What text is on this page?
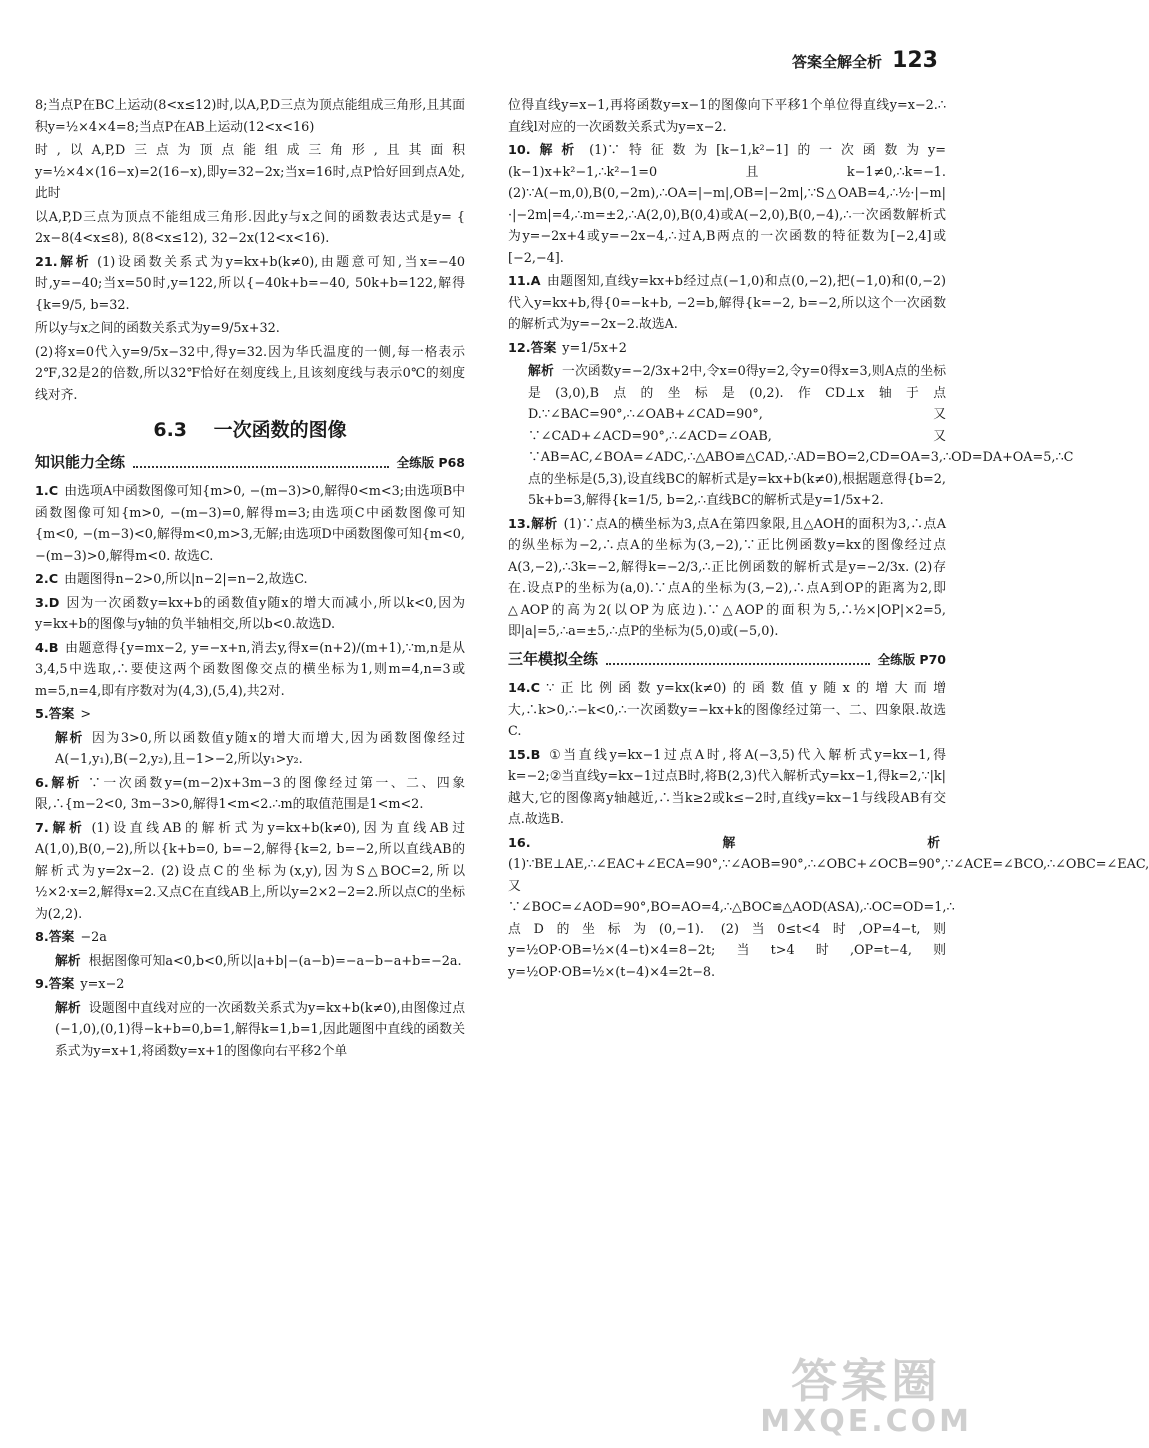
答案全解全析 123

8;当点P在BC上运动(8<x≤12)时,以A,P,D三点为顶点能组成三角形,且其面积y=½×4×4=8;当点P在AB上运动(12<x<16)

时,以A,P,D三点为顶点能组成三角形,且其面积y=½×4×(16−x)=2(16−x),即y=32−2x;当x=16时,点P恰好回到点A处,此时

以A,P,D三点为顶点不能组成三角形.因此y与x之间的函数表达式是y= { 2x−8(4<x≤8), 8(8<x≤12), 32−2x(12<x<16).

21.解析 (1)设函数关系式为y=kx+b(k≠0),由题意可知,当x=−40时,y=−40;当x=50时,y=122,所以{−40k+b=−40, 50k+b=122,解得{k=9/5, b=32.

所以y与x之间的函数关系式为y=9/5x+32.

(2)将x=0代入y=9/5x−32中,得y=32.因为华氏温度的一侧,每一格表示2℉,32是2的倍数,所以32℉恰好在刻度线上,且该刻度线与表示0℃的刻度线对齐.

6.3 一次函数的图像
知识能力全练	全练版 P68

1.C 由选项A中函数图像可知{m>0, −(m−3)>0,解得0<m<3;由选项B中函数图像可知{m>0, −(m−3)=0,解得m=3;由选项C中函数图像可知{m<0, −(m−3)<0,解得m<0,m>3,无解;由选项D中函数图像可知{m<0, −(m−3)>0,解得m<0. 故选C.

2.C 由题图得n−2>0,所以|n−2|=n−2,故选C.

3.D 因为一次函数y=kx+b的函数值y随x的增大而减小,所以k<0,因为y=kx+b的图像与y轴的负半轴相交,所以b<0.故选D.

4.B 由题意得{y=mx−2, y=−x+n,消去y,得x=(n+2)/(m+1),∵m,n是从3,4,5中选取,∴要使这两个函数图像交点的横坐标为1,则m=4,n=3或m=5,n=4,即有序数对为(4,3),(5,4),共2对.

5.答案 >

解析 因为3>0,所以函数值y随x的增大而增大,因为函数图像经过A(−1,y₁),B(−2,y₂),且−1>−2,所以y₁>y₂.

6.解析 ∵一次函数y=(m−2)x+3m−3的图像经过第一、二、四象限,∴{m−2<0, 3m−3>0,解得1<m<2.∴m的取值范围是1<m<2.

7.解析 (1)设直线AB的解析式为y=kx+b(k≠0),因为直线AB过A(1,0),B(0,−2),所以{k+b=0, b=−2,解得{k=2, b=−2,所以直线AB的解析式为y=2x−2. (2)设点C的坐标为(x,y),因为S△BOC=2,所以½×2·x=2,解得x=2.又点C在直线AB上,所以y=2×2−2=2.所以点C的坐标为(2,2).

8.答案 −2a

解析 根据图像可知a<0,b<0,所以|a+b|−(a−b)=−a−b−a+b=−2a.

9.答案 y=x−2

解析 设题图中直线对应的一次函数关系式为y=kx+b(k≠0),由图像过点(−1,0),(0,1)得−k+b=0,b=1,解得k=1,b=1,因此题图中直线的函数关系式为y=x+1,将函数y=x+1的图像向右平移2个单

位得直线y=x−1,再将函数y=x−1的图像向下平移1个单位得直线y=x−2.∴直线l对应的一次函数关系式为y=x−2.

10.解析 (1)∵特征数为[k−1,k²−1]的一次函数为y=(k−1)x+k²−1,∴k²−1=0且k−1≠0,∴k=−1. (2)∵A(−m,0),B(0,−2m),∴OA=|−m|,OB=|−2m|,∵S△OAB=4,∴½·|−m|·|−2m|=4,∴m=±2,∴A(2,0),B(0,4)或A(−2,0),B(0,−4),∴一次函数解析式为y=−2x+4或y=−2x−4,∴过A,B两点的一次函数的特征数为[−2,4]或[−2,−4].

11.A 由题图知,直线y=kx+b经过点(−1,0)和点(0,−2),把(−1,0)和(0,−2)代入y=kx+b,得{0=−k+b, −2=b,解得{k=−2, b=−2,所以这个一次函数的解析式为y=−2x−2.故选A.

12.答案 y=1/5x+2

解析 一次函数y=−2/3x+2中,令x=0得y=2,令y=0得x=3,则A点的坐标是(3,0),B点的坐标是(0,2).作CD⊥x轴于点D.∵∠BAC=90°,∴∠OAB+∠CAD=90°,又∵∠CAD+∠ACD=90°,∴∠ACD=∠OAB,又∵AB=AC,∠BOA=∠ADC,∴△ABO≌△CAD,∴AD=BO=2,CD=OA=3,∴OD=DA+OA=5,∴C点的坐标是(5,3),设直线BC的解析式是y=kx+b(k≠0),根据题意得{b=2, 5k+b=3,解得{k=1/5, b=2,∴直线BC的解析式是y=1/5x+2.

13.解析 (1)∵点A的横坐标为3,点A在第四象限,且△AOH的面积为3,∴点A的纵坐标为−2,∴点A的坐标为(3,−2),∵正比例函数y=kx的图像经过点A(3,−2),∴3k=−2,解得k=−2/3,∴正比例函数的解析式是y=−2/3x. (2)存在.设点P的坐标为(a,0).∵点A的坐标为(3,−2),∴点A到OP的距离为2,即△AOP的高为2(以OP为底边).∵△AOP的面积为5,∴½×|OP|×2=5,即|a|=5,∴a=±5,∴点P的坐标为(5,0)或(−5,0).

三年模拟全练	全练版 P70

14.C ∵正比例函数y=kx(k≠0)的函数值y随x的增大而增大,∴k>0,∴−k<0,∴一次函数y=−kx+k的图像经过第一、二、四象限.故选C.

15.B ①当直线y=kx−1过点A时,将A(−3,5)代入解析式y=kx−1,得k=−2;②当直线y=kx−1过点B时,将B(2,3)代入解析式y=kx−1,得k=2,∵|k|越大,它的图像离y轴越近,∴当k≥2或k≤−2时,直线y=kx−1与线段AB有交点.故选B.

16.解析(1)∵BE⊥AE,∴∠EAC+∠ECA=90°,∵∠AOB=90°,∴∠OBC+∠OCB=90°,∵∠ACE=∠BCO,∴∠OBC=∠EAC,又∵∠BOC=∠AOD=90°,BO=AO=4,∴△BOC≌△AOD(ASA),∴OC=OD=1,∴点D的坐标为(0,−1). (2)当0≤t<4时,OP=4−t,则y=½OP·OB=½×(4−t)×4=8−2t;当t>4时,OP=t−4,则y=½OP·OB=½×(t−4)×4=2t−8.

答案圈
MXQE.COM
